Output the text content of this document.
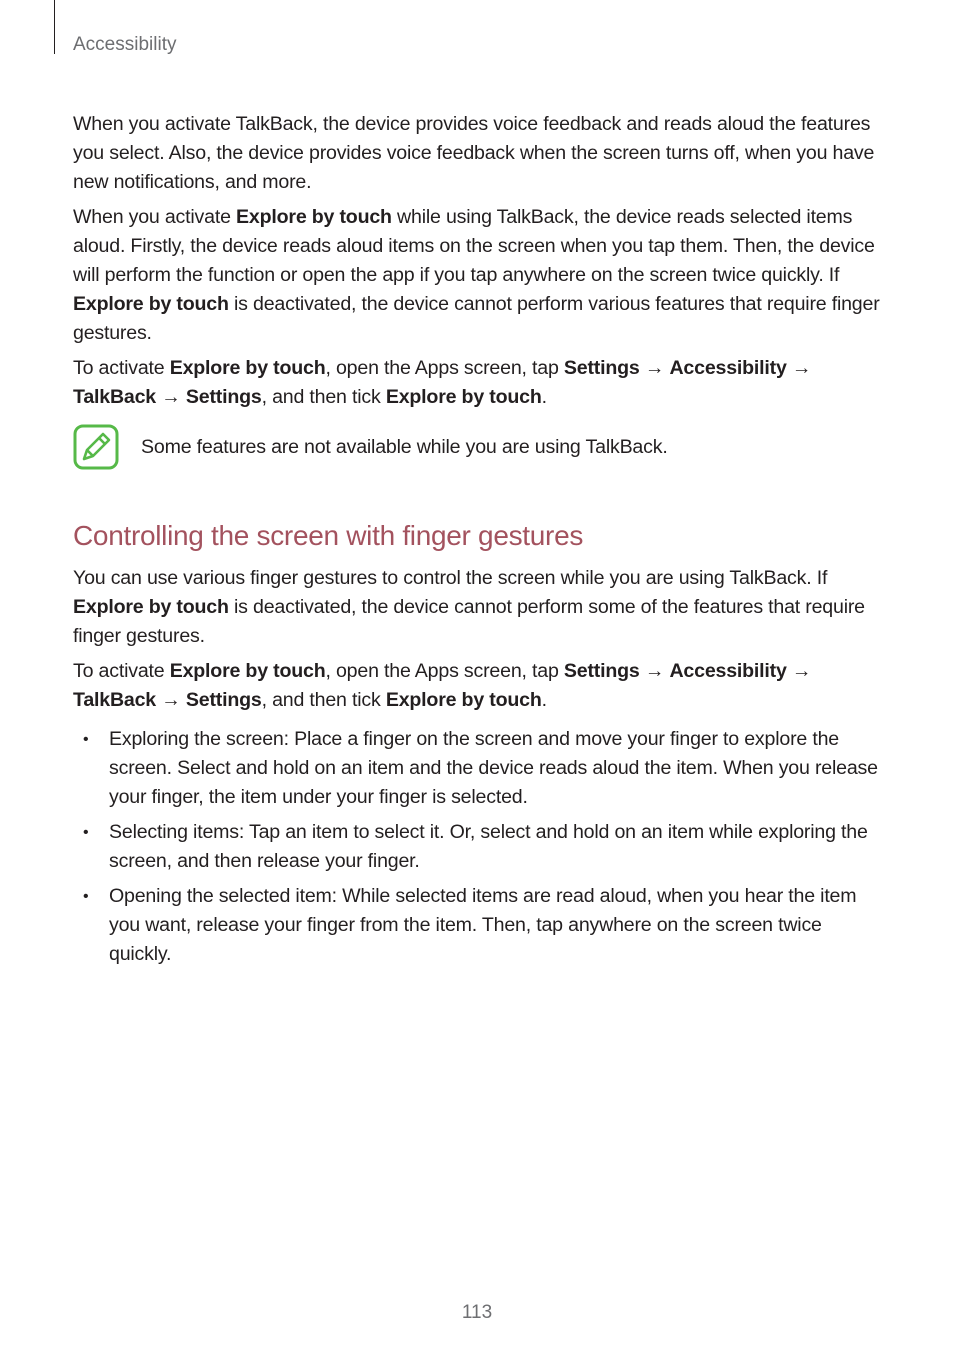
Accessibility

When you activate TalkBack, the device provides voice feedback and reads aloud the features you select. Also, the device provides voice feedback when the screen turns off, when you have new notifications, and more.

When you activate Explore by touch while using TalkBack, the device reads selected items aloud. Firstly, the device reads aloud items on the screen when you tap them. Then, the device will perform the function or open the app if you tap anywhere on the screen twice quickly. If Explore by touch is deactivated, the device cannot perform various features that require finger gestures.

To activate Explore by touch, open the Apps screen, tap Settings → Accessibility → TalkBack → Settings, and then tick Explore by touch.

Some features are not available while you are using TalkBack.
Controlling the screen with finger gestures

You can use various finger gestures to control the screen while you are using TalkBack. If Explore by touch is deactivated, the device cannot perform some of the features that require finger gestures.

To activate Explore by touch, open the Apps screen, tap Settings → Accessibility → TalkBack → Settings, and then tick Explore by touch.

• Exploring the screen: Place a finger on the screen and move your finger to explore the screen. Select and hold on an item and the device reads aloud the item. When you release your finger, the item under your finger is selected.
• Selecting items: Tap an item to select it. Or, select and hold on an item while exploring the screen, and then release your finger.
• Opening the selected item: While selected items are read aloud, when you hear the item you want, release your finger from the item. Then, tap anywhere on the screen twice quickly.
113
